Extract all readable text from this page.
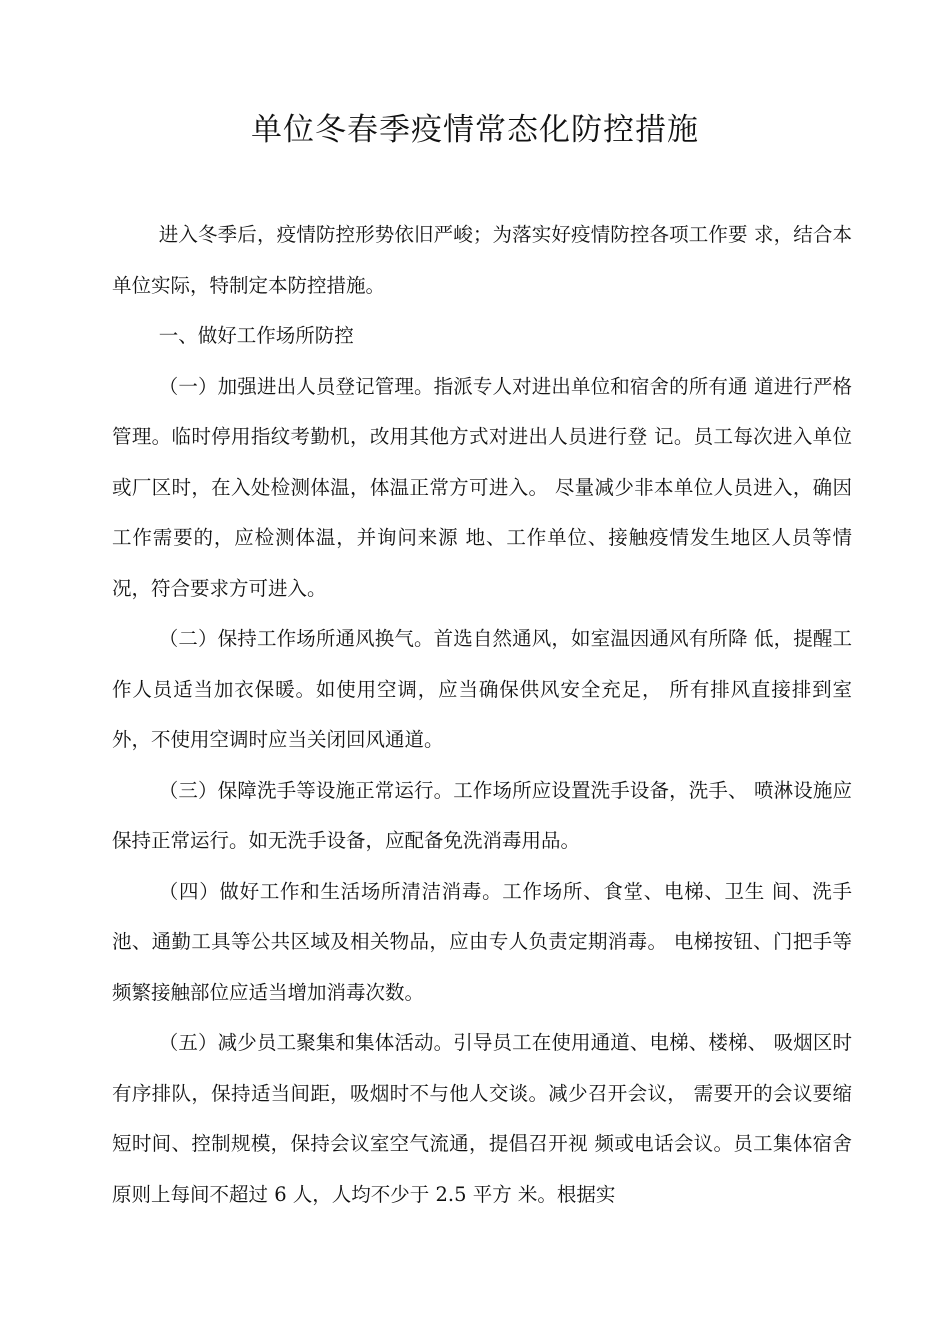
单位冬春季疫情常态化防控措施

进入冬季后，疫情防控形势依旧严峻；为落实好疫情防控各项工作要 求，结合本单位实际，特制定本防控措施。

一、做好工作场所防控

（一）加强进出人员登记管理。指派专人对进出单位和宿舍的所有通 道进行严格管理。临时停用指纹考勤机，改用其他方式对进出人员进行登 记。员工每次进入单位或厂区时，在入处检测体温，体温正常方可进入。 尽量减少非本单位人员进入，确因工作需要的，应检测体温，并询问来源 地、工作单位、接触疫情发生地区人员等情况，符合要求方可进入。

（二）保持工作场所通风换气。首选自然通风，如室温因通风有所降 低，提醒工作人员适当加衣保暖。如使用空调，应当确保供风安全充足， 所有排风直接排到室外，不使用空调时应当关闭回风通道。

（三）保障洗手等设施正常运行。工作场所应设置洗手设备，洗手、 喷淋设施应保持正常运行。如无洗手设备，应配备免洗消毒用品。

（四）做好工作和生活场所清洁消毒。工作场所、食堂、电梯、卫生 间、洗手池、通勤工具等公共区域及相关物品，应由专人负责定期消毒。 电梯按钮、门把手等频繁接触部位应适当增加消毒次数。

（五）减少员工聚集和集体活动。引导员工在使用通道、电梯、楼梯、 吸烟区时有序排队，保持适当间距，吸烟时不与他人交谈。减少召开会议， 需要开的会议要缩短时间、控制规模，保持会议室空气流通，提倡召开视 频或电话会议。员工集体宿舍原则上每间不超过 6 人，人均不少于 2.5 平方 米。根据实
